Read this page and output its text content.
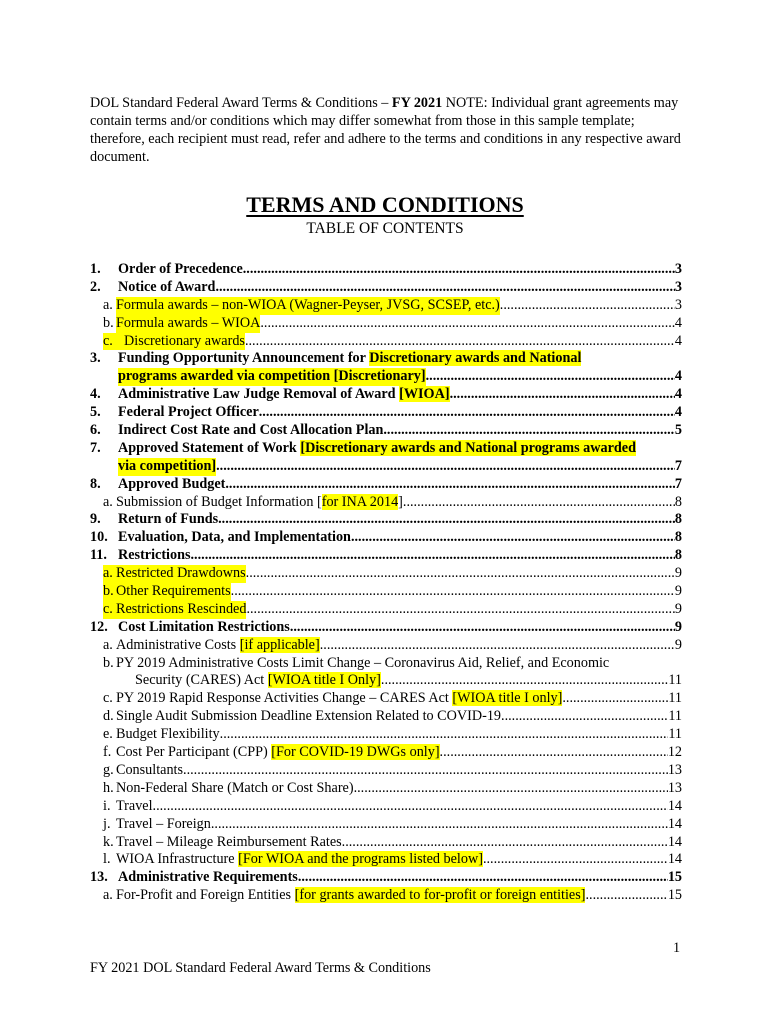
DOL Standard Federal Award Terms & Conditions – FY 2021 NOTE: Individual grant agreements may contain terms and/or conditions which may differ somewhat from those in this sample template; therefore, each recipient must read, refer and adhere to the terms and conditions in any respective award document.
TERMS AND CONDITIONS
TABLE OF CONTENTS
1.	Order of Precedence .....	3
2.	Notice of Award .....	3
a. Formula awards – non-WIOA (Wagner-Peyser, JVSG, SCSEP, etc.) .....	3
b. Formula awards – WIOA .....	4
c. Discretionary awards .....	4
3.	Funding Opportunity Announcement for Discretionary awards and National
programs awarded via competition [Discretionary] .....	4
4.	Administrative Law Judge Removal of Award [WIOA] .....	4
5.	Federal Project Officer .....	4
6.	Indirect Cost Rate and Cost Allocation Plan .....	5
7.	Approved Statement of Work [Discretionary awards and National programs awarded
via competition] .....	7
8.	Approved Budget .....	7
a. Submission of Budget Information [for INA 2014] .....	8
9.	Return of Funds .....	8
10. Evaluation, Data, and Implementation .....	8
11. Restrictions .....	8
a. Restricted Drawdowns .....	9
b. Other Requirements .....	9
c. Restrictions Rescinded .....	9
12. Cost Limitation Restrictions .....	9
a. Administrative Costs [if applicable] .....	9
b. PY 2019 Administrative Costs Limit Change – Coronavirus Aid, Relief, and Economic
Security (CARES) Act [WIOA title I Only] .....	11
c. PY 2019 Rapid Response Activities Change – CARES Act [WIOA title I only] .....	11
d. Single Audit Submission Deadline Extension Related to COVID-19 .....	11
e. Budget Flexibility .....	11
f. Cost Per Participant (CPP) [For COVID-19 DWGs only] .....	12
g. Consultants .....	13
h. Non-Federal Share (Match or Cost Share) .....	13
i. Travel .....	14
j. Travel – Foreign .....	14
k. Travel – Mileage Reimbursement Rates .....	14
l. WIOA Infrastructure [For WIOA and the programs listed below] .....	14
13. Administrative Requirements .....	15
a. For-Profit and Foreign Entities [for grants awarded to for-profit or foreign entities] .....	15
1
FY 2021 DOL Standard Federal Award Terms & Conditions
